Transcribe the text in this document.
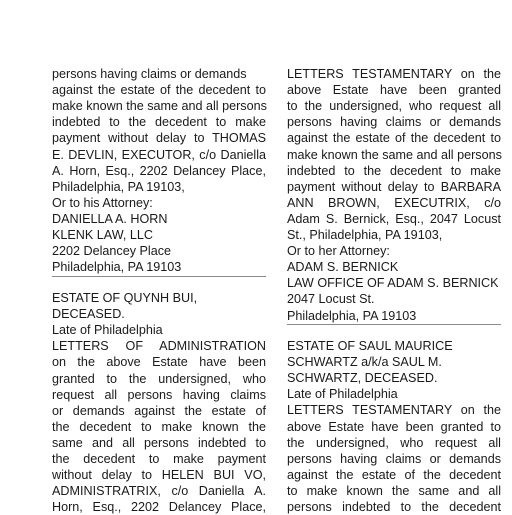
persons having claims or demands
against the estate of the decedent to
make known the same and all persons
indebted to the decedent to make
payment without delay to THOMAS
E. DEVLIN, EXECUTOR, c/o Daniella
A. Horn, Esq., 2202 Delancey Place,
Philadelphia, PA 19103,
Or to his Attorney:
DANIELLA A. HORN
KLENK LAW, LLC
2202 Delancey Place
Philadelphia, PA 19103
ESTATE OF QUYNH BUI,
DECEASED.
Late of Philadelphia
LETTERS OF ADMINISTRATION
on the above Estate have been
granted to the undersigned, who
request all persons having claims
or demands against the estate of
the decedent to make known the
same and all persons indebted to
the decedent to make payment
without delay to HELEN BUI VO,
ADMINISTRATRIX, c/o Daniella A.
Horn, Esq., 2202 Delancey Place,
LETTERS TESTAMENTARY on the
above Estate have been granted
to the undersigned, who request all
persons having claims or demands
against the estate of the decedent to
make known the same and all persons
indebted to the decedent to make
payment without delay to BARBARA
ANN BROWN, EXECUTRIX, c/o
Adam S. Bernick, Esq., 2047 Locust
St., Philadelphia, PA 19103,
Or to her Attorney:
ADAM S. BERNICK
LAW OFFICE OF ADAM S. BERNICK
2047 Locust St.
Philadelphia, PA 19103
ESTATE OF SAUL MAURICE
SCHWARTZ a/k/a SAUL M.
SCHWARTZ, DECEASED.
Late of Philadelphia
LETTERS TESTAMENTARY on the
above Estate have been granted to
the undersigned, who request all
persons having claims or demands
against the estate of the decedent
to make known the same and all
persons indebted to the decedent
